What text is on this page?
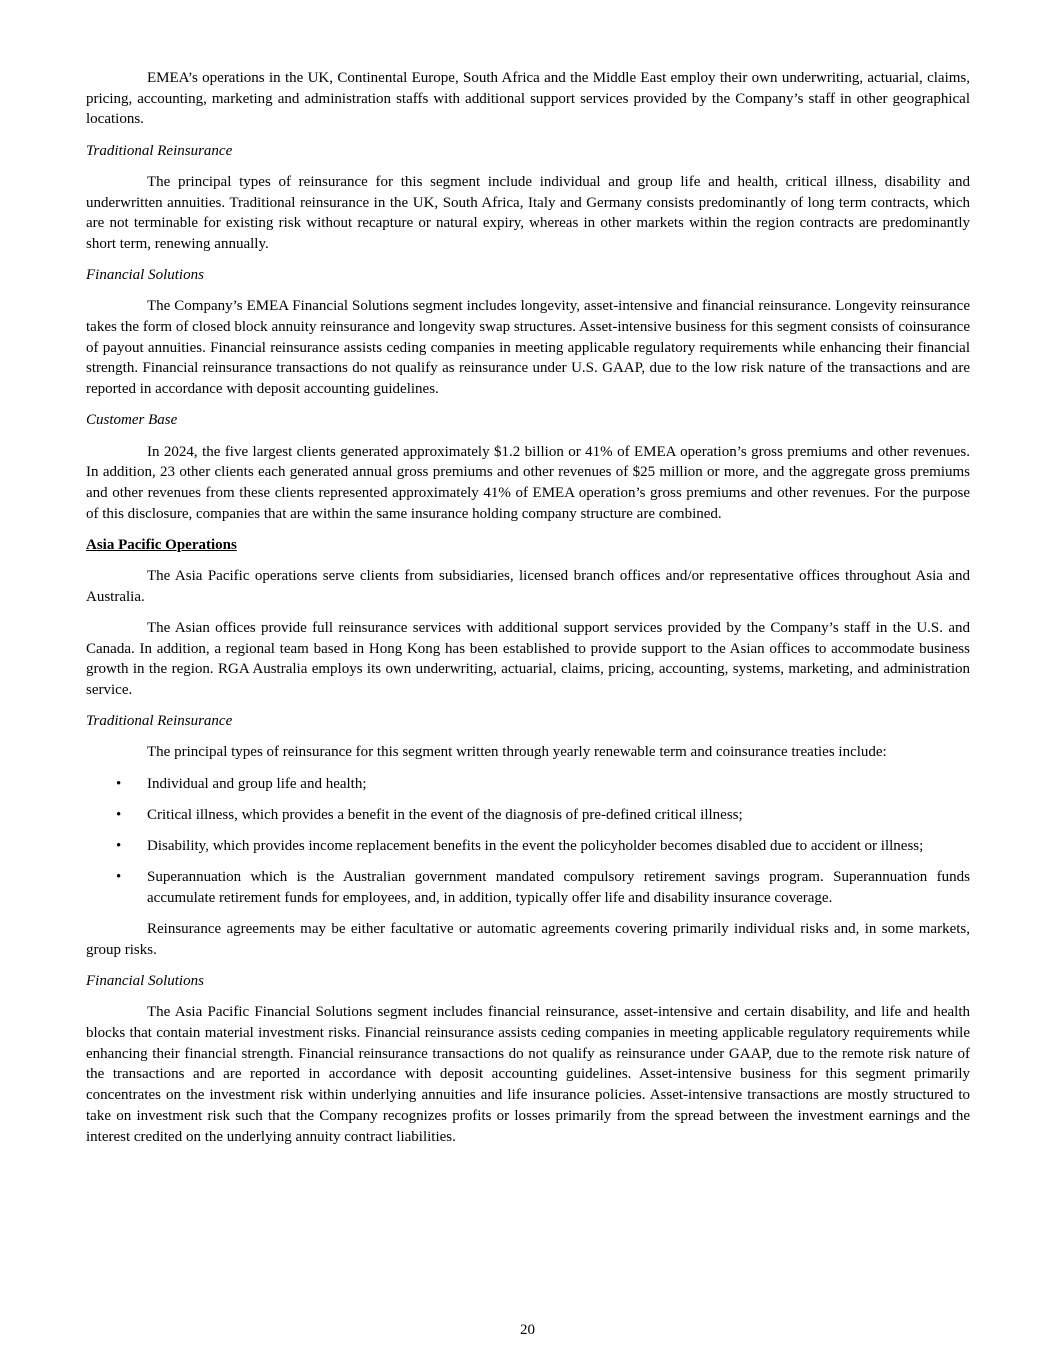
EMEA’s operations in the UK, Continental Europe, South Africa and the Middle East employ their own underwriting, actuarial, claims, pricing, accounting, marketing and administration staffs with additional support services provided by the Company’s staff in other geographical locations.

Traditional Reinsurance

The principal types of reinsurance for this segment include individual and group life and health, critical illness, disability and underwritten annuities. Traditional reinsurance in the UK, South Africa, Italy and Germany consists predominantly of long term contracts, which are not terminable for existing risk without recapture or natural expiry, whereas in other markets within the region contracts are predominantly short term, renewing annually.

Financial Solutions

The Company’s EMEA Financial Solutions segment includes longevity, asset-intensive and financial reinsurance. Longevity reinsurance takes the form of closed block annuity reinsurance and longevity swap structures. Asset-intensive business for this segment consists of coinsurance of payout annuities. Financial reinsurance assists ceding companies in meeting applicable regulatory requirements while enhancing their financial strength. Financial reinsurance transactions do not qualify as reinsurance under U.S. GAAP, due to the low risk nature of the transactions and are reported in accordance with deposit accounting guidelines.

Customer Base

In 2024, the five largest clients generated approximately $1.2 billion or 41% of EMEA operation’s gross premiums and other revenues. In addition, 23 other clients each generated annual gross premiums and other revenues of $25 million or more, and the aggregate gross premiums and other revenues from these clients represented approximately 41% of EMEA operation’s gross premiums and other revenues. For the purpose of this disclosure, companies that are within the same insurance holding company structure are combined.

Asia Pacific Operations

The Asia Pacific operations serve clients from subsidiaries, licensed branch offices and/or representative offices throughout Asia and Australia.

The Asian offices provide full reinsurance services with additional support services provided by the Company’s staff in the U.S. and Canada. In addition, a regional team based in Hong Kong has been established to provide support to the Asian offices to accommodate business growth in the region. RGA Australia employs its own underwriting, actuarial, claims, pricing, accounting, systems, marketing, and administration service.

Traditional Reinsurance

The principal types of reinsurance for this segment written through yearly renewable term and coinsurance treaties include:

• Individual and group life and health;
• Critical illness, which provides a benefit in the event of the diagnosis of pre-defined critical illness;
• Disability, which provides income replacement benefits in the event the policyholder becomes disabled due to accident or illness;
• Superannuation which is the Australian government mandated compulsory retirement savings program. Superannuation funds accumulate retirement funds for employees, and, in addition, typically offer life and disability insurance coverage.

Reinsurance agreements may be either facultative or automatic agreements covering primarily individual risks and, in some markets, group risks.

Financial Solutions

The Asia Pacific Financial Solutions segment includes financial reinsurance, asset-intensive and certain disability, and life and health blocks that contain material investment risks. Financial reinsurance assists ceding companies in meeting applicable regulatory requirements while enhancing their financial strength. Financial reinsurance transactions do not qualify as reinsurance under GAAP, due to the remote risk nature of the transactions and are reported in accordance with deposit accounting guidelines. Asset-intensive business for this segment primarily concentrates on the investment risk within underlying annuities and life insurance policies. Asset-intensive transactions are mostly structured to take on investment risk such that the Company recognizes profits or losses primarily from the spread between the investment earnings and the interest credited on the underlying annuity contract liabilities.

20
